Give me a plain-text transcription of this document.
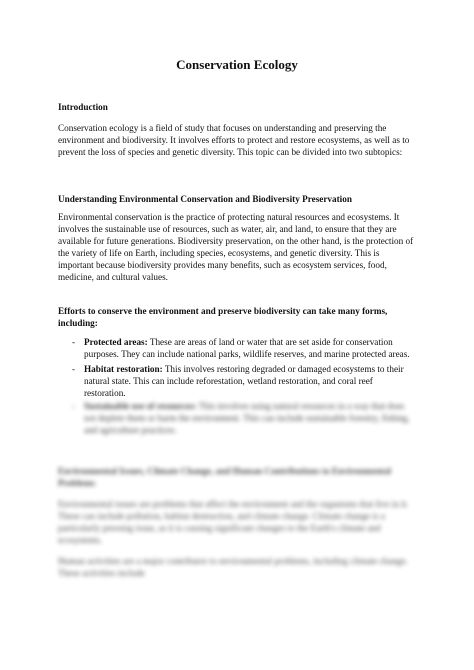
Conservation Ecology

Introduction

Conservation ecology is a field of study that focuses on understanding and preserving the environment and biodiversity. It involves efforts to protect and restore ecosystems, as well as to prevent the loss of species and genetic diversity. This topic can be divided into two subtopics:

Understanding Environmental Conservation and Biodiversity Preservation

Environmental conservation is the practice of protecting natural resources and ecosystems. It involves the sustainable use of resources, such as water, air, and land, to ensure that they are available for future generations. Biodiversity preservation, on the other hand, is the protection of the variety of life on Earth, including species, ecosystems, and genetic diversity. This is important because biodiversity provides many benefits, such as ecosystem services, food, medicine, and cultural values.

Efforts to conserve the environment and preserve biodiversity can take many forms, including:

- Protected areas: These are areas of land or water that are set aside for conservation purposes. They can include national parks, wildlife reserves, and marine protected areas.
- Habitat restoration: This involves restoring degraded or damaged ecosystems to their natural state. This can include reforestation, wetland restoration, and coral reef restoration.
- Sustainable use of resources: This involves using natural resources in a way that does not deplete them or harm the environment. This can include sustainable forestry, fishing, and agriculture practices.

Environmental Issues, Climate Change, and Human Contributions to Environmental Problems

Environmental issues are problems that affect the environment and the organisms that live in it. These can include pollution, habitat destruction, and climate change. Climate change is a particularly pressing issue, as it is causing significant changes to the Earth's climate and ecosystems.

Human activities are a major contributor to environmental problems, including climate change. These activities include
